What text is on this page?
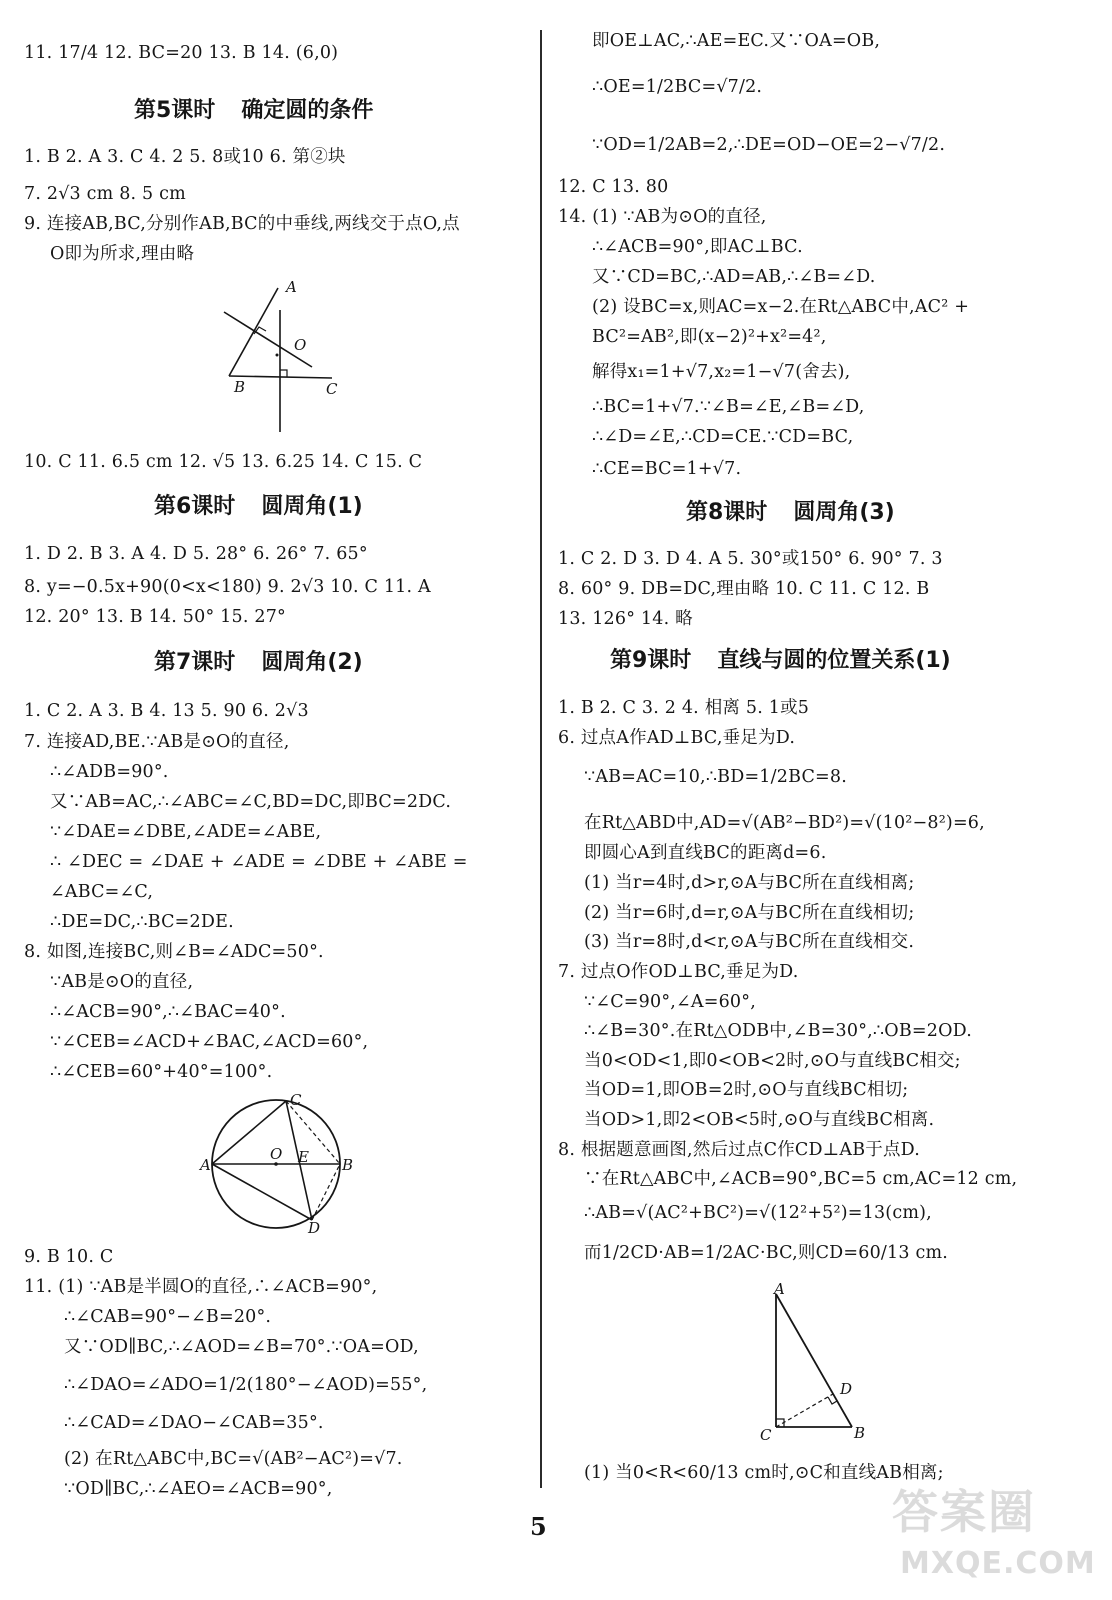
11. 17/4 12. BC=20 13. B 14. (6,0)
第5课时 确定圆的条件
1. B 2. A 3. C 4. 2 5. 8或10 6. 第②块
7. 2√3 cm 8. 5 cm
9. 连接AB,BC,分别作AB,BC的中垂线,两线交于点O,点
O即为所求,理由略
A
O
B	C
10. C 11. 6.5 cm 12. √5 13. 6.25 14. C 15. C
第6课时 圆周角(1)
1. D 2. B 3. A 4. D 5. 28° 6. 26° 7. 65°
8. y=−0.5x+90(0<x<180) 9. 2√3 10. C 11. A
12. 20° 13. B 14. 50° 15. 27°
第7课时 圆周角(2)
1. C 2. A 3. B 4. 13 5. 90 6. 2√3
7. 连接AD,BE.∵AB是⊙O的直径,
∴∠ADB=90°.
又∵AB=AC,∴∠ABC=∠C,BD=DC,即BC=2DC.
∵∠DAE=∠DBE,∠ADE=∠ABE,
∴ ∠DEC = ∠DAE + ∠ADE = ∠DBE + ∠ABE =
∠ABC=∠C,
∴DE=DC,∴BC=2DE.
8. 如图,连接BC,则∠B=∠ADC=50°.
∵AB是⊙O的直径,
∴∠ACB=90°,∴∠BAC=40°.
∵∠CEB=∠ACD+∠BAC,∠ACD=60°,
∴∠CEB=60°+40°=100°.
C
A
O E B
D
9. B 10. C
11. (1) ∵AB是半圆O的直径,∴∠ACB=90°,
∴∠CAB=90°−∠B=20°.
又∵OD∥BC,∴∠AOD=∠B=70°.∵OA=OD,
∴∠DAO=∠ADO=1/2(180°−∠AOD)=55°,
∴∠CAD=∠DAO−∠CAB=35°.
(2) 在Rt△ABC中,BC=√(AB²−AC²)=√7.
∵OD∥BC,∴∠AEO=∠ACB=90°,
即OE⊥AC,∴AE=EC.又∵OA=OB,
∴OE=1/2BC=√7/2.
∵OD=1/2AB=2,∴DE=OD−OE=2−√7/2.
12. C 13. 80
14. (1) ∵AB为⊙O的直径,
∴∠ACB=90°,即AC⊥BC.
又∵CD=BC,∴AD=AB,∴∠B=∠D.
(2) 设BC=x,则AC=x−2.在Rt△ABC中,AC² +
BC²=AB²,即(x−2)²+x²=4²,
解得x₁=1+√7,x₂=1−√7(舍去),
∴BC=1+√7.∵∠B=∠E,∠B=∠D,
∴∠D=∠E,∴CD=CE.∵CD=BC,
∴CE=BC=1+√7.
第8课时 圆周角(3)
1. C 2. D 3. D 4. A 5. 30°或150° 6. 90° 7. 3
8. 60° 9. DB=DC,理由略 10. C 11. C 12. B
13. 126° 14. 略
第9课时 直线与圆的位置关系(1)
1. B 2. C 3. 2 4. 相离 5. 1或5
6. 过点A作AD⊥BC,垂足为D.
∵AB=AC=10,∴BD=1/2BC=8.
在Rt△ABD中,AD=√(AB²−BD²)=√(10²−8²)=6,
即圆心A到直线BC的距离d=6.
(1) 当r=4时,d>r,⊙A与BC所在直线相离;
(2) 当r=6时,d=r,⊙A与BC所在直线相切;
(3) 当r=8时,d<r,⊙A与BC所在直线相交.
7. 过点O作OD⊥BC,垂足为D.
∵∠C=90°,∠A=60°,
∴∠B=30°.在Rt△ODB中,∠B=30°,∴OB=2OD.
当0<OD<1,即0<OB<2时,⊙O与直线BC相交;
当OD=1,即OB=2时,⊙O与直线BC相切;
当OD>1,即2<OB<5时,⊙O与直线BC相离.
8. 根据题意画图,然后过点C作CD⊥AB于点D.
∵在Rt△ABC中,∠ACB=90°,BC=5 cm,AC=12 cm,
∴AB=√(AC²+BC²)=√(12²+5²)=13(cm),
而1/2CD·AB=1/2AC·BC,则CD=60/13 cm.
A
D
C	B
(1) 当0<R<60/13 cm时,⊙C和直线AB相离;
5	答案圈
MXQE.COM
